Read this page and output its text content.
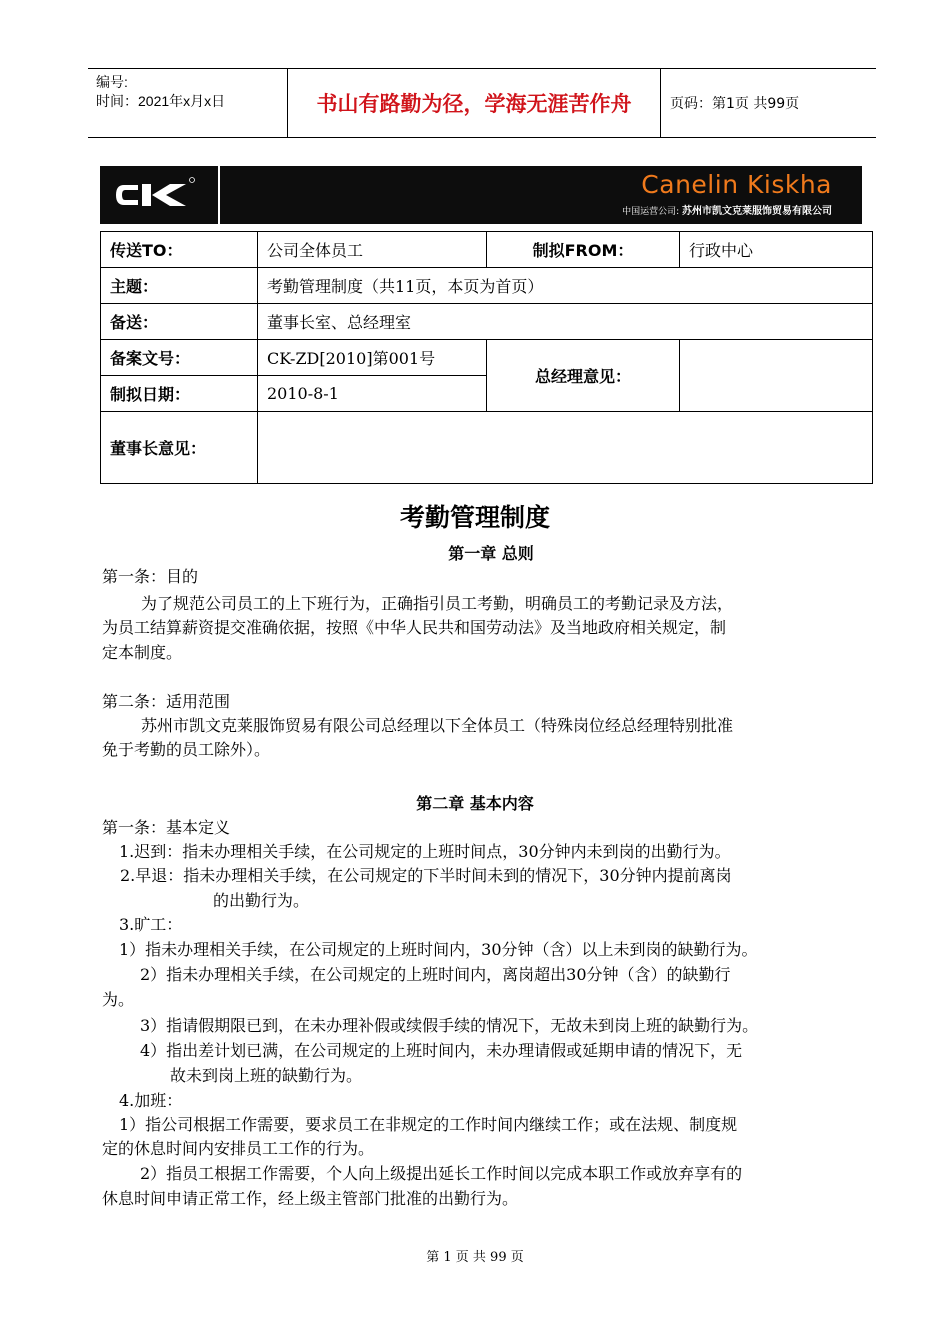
编号:
时间：2021年x月x日	书山有路勤为径，学海无涯苦作舟	页码：第1页 共99页
Canelin Kiskha
中国运营公司: 苏州市凯文克莱服饰贸易有限公司
传送TO：	公司全体员工	制拟FROM：	行政中心
主题：	考勤管理制度（共11页，本页为首页）		
备送：	董事长室、总经理室		
备案文号：	CK-ZD[2010]第001号	总经理意见：	
制拟日期：	2010-8-1		
董事长意见：			
考勤管理制度
第一章 总则
第一条：目的
为了规范公司员工的上下班行为，正确指引员工考勤，明确员工的考勤记录及方法，
为员工结算薪资提交准确依据，按照《中华人民共和国劳动法》及当地政府相关规定，制
定本制度。
第二条：适用范围
苏州市凯文克莱服饰贸易有限公司总经理以下全体员工（特殊岗位经总经理特别批准
免于考勤的员工除外）。
第二章 基本内容
第一条：基本定义
1.迟到：指未办理相关手续，在公司规定的上班时间点，30分钟内未到岗的出勤行为。
2.早退：指未办理相关手续，在公司规定的下半时间未到的情况下，30分钟内提前离岗
的出勤行为。
3.旷工：
1）指未办理相关手续，在公司规定的上班时间内，30分钟（含）以上未到岗的缺勤行为。
2）指未办理相关手续，在公司规定的上班时间内，离岗超出30分钟（含）的缺勤行
为。
3）指请假期限已到，在未办理补假或续假手续的情况下，无故未到岗上班的缺勤行为。
4）指出差计划已满，在公司规定的上班时间内，未办理请假或延期申请的情况下，无
故未到岗上班的缺勤行为。
4.加班：
1）指公司根据工作需要，要求员工在非规定的工作时间内继续工作；或在法规、制度规
定的休息时间内安排员工工作的行为。
2）指员工根据工作需要，个人向上级提出延长工作时间以完成本职工作或放弃享有的
休息时间申请正常工作，经上级主管部门批准的出勤行为。
第 1 页 共 99 页
